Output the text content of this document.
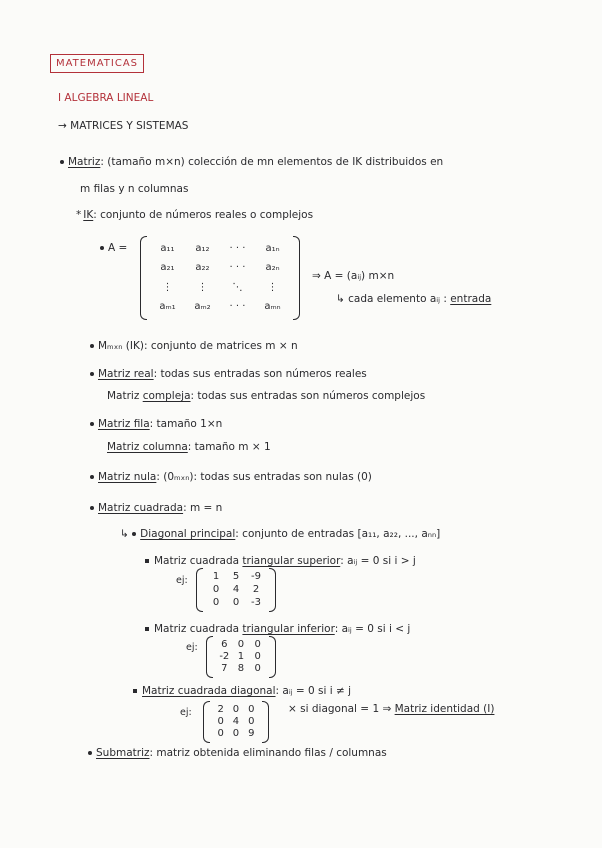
MATEMATICAS
I ALGEBRA LINEAL
→ MATRICES Y SISTEMAS
Matriz: (tamaño m×n) colección de mn elementos de IK distribuidos en
m filas y n columnas
* IK: conjunto de números reales o complejos
A =	a₁₁	a₁₂	· · ·	a₁ₙ
a₂₁	a₂₂	· · ·	a₂ₙ
⋮	⋮	⋱	⋮
aₘ₁	aₘ₂	· · ·	aₘₙ
⇒ A = (aᵢⱼ) m×n
↳ cada elemento aᵢⱼ : entrada
Mₘₓₙ (IK): conjunto de matrices m × n
Matriz real: todas sus entradas son números reales
Matriz compleja: todas sus entradas son números complejos
Matriz fila: tamaño 1×n
Matriz columna: tamaño m × 1
Matriz nula: (0ₘₓₙ): todas sus entradas son nulas (0)
Matriz cuadrada: m = n
↳ Diagonal principal: conjunto de entradas [a₁₁, a₂₂, ..., aₙₙ]
Matriz cuadrada triangular superior: aᵢⱼ = 0 si i > j
ej:	1	5	-9
0	4	2
0	0	-3
Matriz cuadrada triangular inferior: aᵢⱼ = 0 si i < j
ej:	6	0	0
-2 1	0
7	8	0
Matriz cuadrada diagonal: aᵢⱼ = 0 si i ≠ j
ej:	2 0 0
0 4 0
0 0 9
× si diagonal = 1 ⇒ Matriz identidad (I)
Submatriz: matriz obtenida eliminando filas / columnas
